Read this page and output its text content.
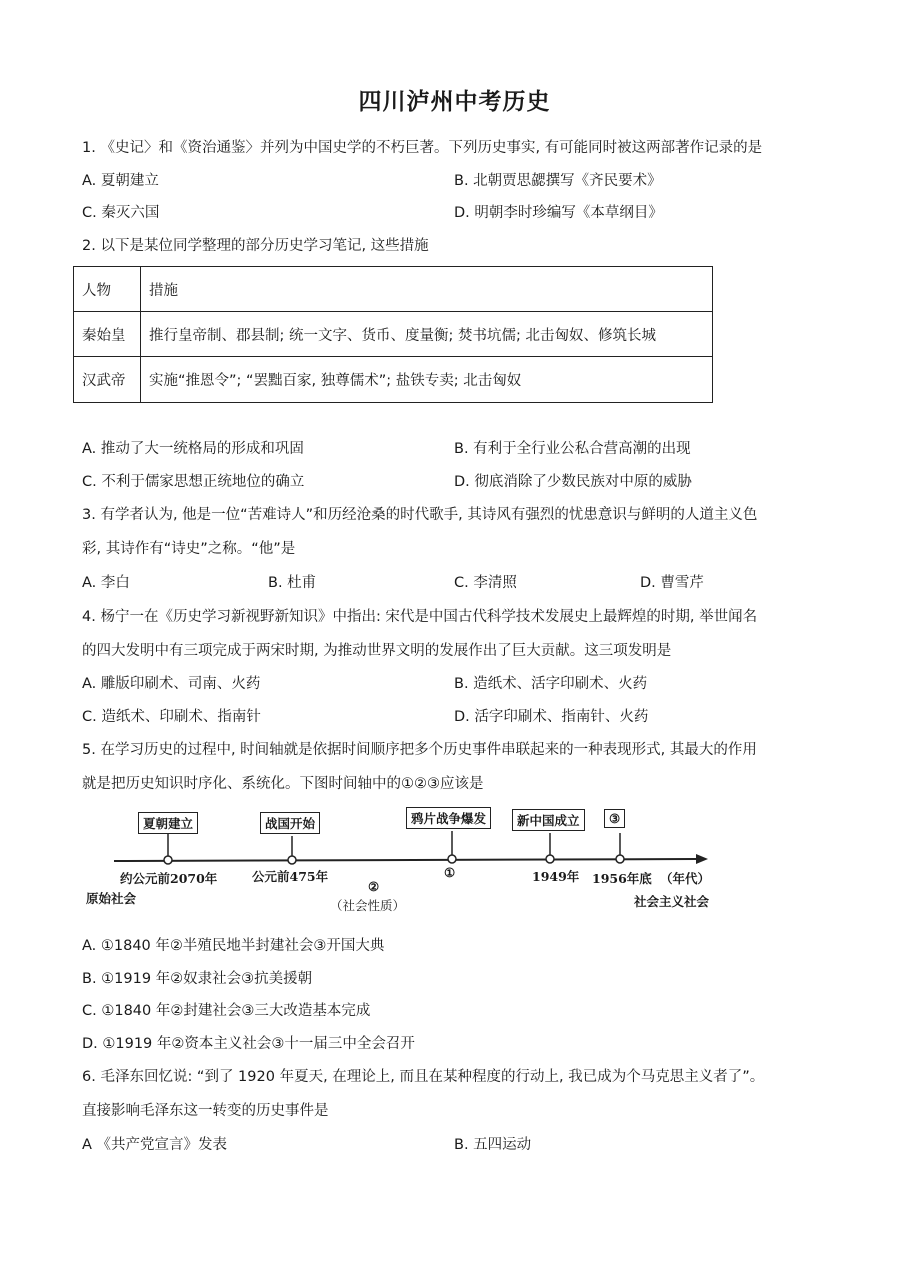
四川泸州中考历史
1. 《史记〉和《资治通鉴〉并列为中国史学的不朽巨著。下列历史事实, 有可能同时被这两部著作记录的是
A. 夏朝建立	B. 北朝贾思勰撰写《齐民要术》
C. 秦灭六国	D. 明朝李时珍编写《本草纲目》
2. 以下是某位同学整理的部分历史学习笔记, 这些措施
人物	措施
秦始皇	推行皇帝制、郡县制; 统一文字、货币、度量衡; 焚书坑儒; 北击匈奴、修筑长城
汉武帝	实施“推恩令”; “罢黜百家, 独尊儒术”; 盐铁专卖; 北击匈奴
A. 推动了大一统格局的形成和巩固	B. 有利于全行业公私合营高潮的出现
C. 不利于儒家思想正统地位的确立	D. 彻底消除了少数民族对中原的威胁
3. 有学者认为, 他是一位“苦难诗人”和历经沧桑的时代歌手, 其诗风有强烈的忧患意识与鲜明的人道主义色
彩, 其诗作有“诗史”之称。“他”是
A. 李白	B. 杜甫	C. 李清照	D. 曹雪芹
4. 杨宁一在《历史学习新视野新知识》中指出: 宋代是中国古代科学技术发展史上最辉煌的时期, 举世闻名
的四大发明中有三项完成于两宋时期, 为推动世界文明的发展作出了巨大贡献。这三项发明是
A. 雕版印刷术、司南、火药	B. 造纸术、活字印刷术、火药
C. 造纸术、印刷术、指南针	D. 活字印刷术、指南针、火药
5. 在学习历史的过程中, 时间轴就是依据时间顺序把多个历史事件串联起来的一种表现形式, 其最大的作用
就是把历史知识时序化、系统化。下图时间轴中的①②③应该是
夏朝建立	战国开始	鸦片战争爆发	新中国成立	③
约公元前2070年	公元前475年	①	1949年 1956年底 （年代）
②
（社会性质）
原始社会	社会主义社会
A. ①1840 年②半殖民地半封建社会③开国大典
B. ①1919 年②奴隶社会③抗美援朝
C. ①1840 年②封建社会③三大改造基本完成
D. ①1919 年②资本主义社会③十一届三中全会召开
6. 毛泽东回忆说: “到了 1920 年夏天, 在理论上, 而且在某种程度的行动上, 我已成为个马克思主义者了”。
直接影响毛泽东这一转变的历史事件是
A 《共产党宣言》发表	B. 五四运动
